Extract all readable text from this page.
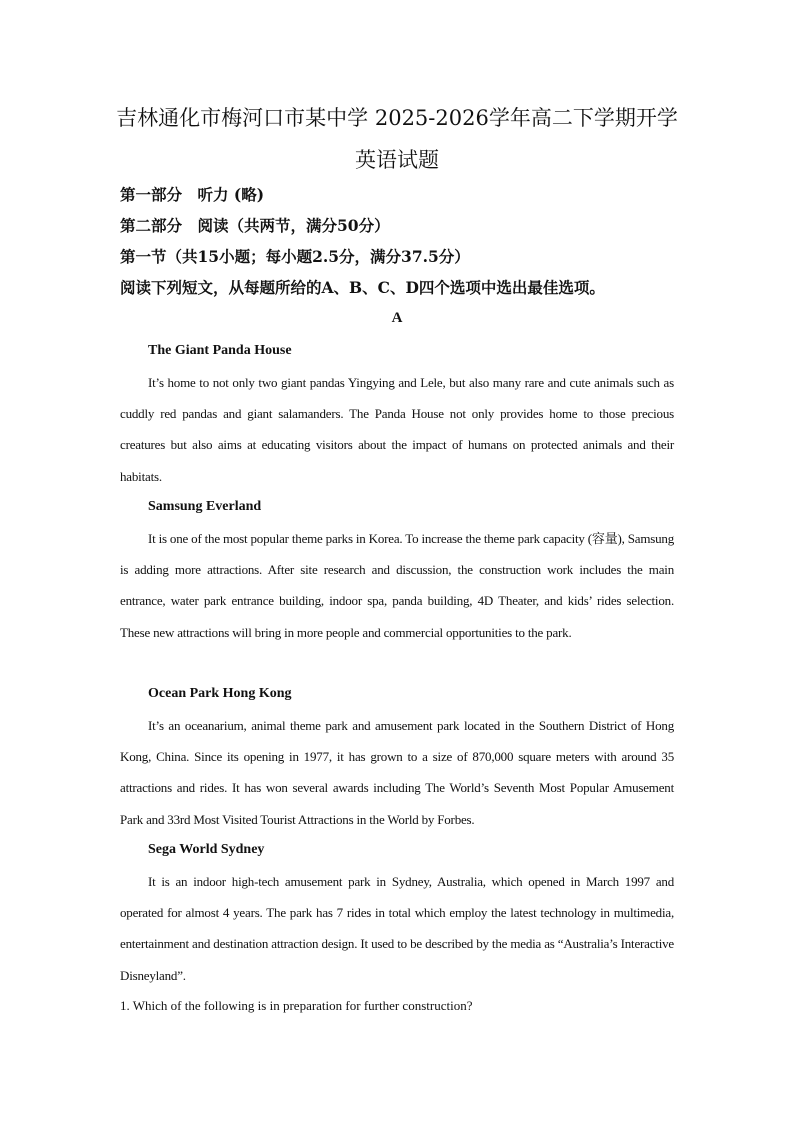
吉林通化市梅河口市某中学 2025-2026学年高二下学期开学
英语试题
第一部分　听力 (略)
第二部分　阅读（共两节，满分50分）
第一节（共15小题；每小题2.5分，满分37.5分）
阅读下列短文，从每题所给的A、B、C、D四个选项中选出最佳选项。
A
The Giant Panda House
It’s home to not only two giant pandas Yingying and Lele, but also many rare and cute animals such as cuddly red pandas and giant salamanders. The Panda House not only provides home to those precious creatures but also aims at educating visitors about the impact of humans on protected animals and their habitats.
Samsung Everland
It is one of the most popular theme parks in Korea. To increase the theme park capacity (容量), Samsung is adding more attractions. After site research and discussion, the construction work includes the main entrance, water park entrance building, indoor spa, panda building, 4D Theater, and kids’ rides selection. These new attractions will bring in more people and commercial opportunities to the park.
Ocean Park Hong Kong
It’s an oceanarium, animal theme park and amusement park located in the Southern District of Hong Kong, China. Since its opening in 1977, it has grown to a size of 870,000 square meters with around 35 attractions and rides. It has won several awards including The World’s Seventh Most Popular Amusement Park and 33rd Most Visited Tourist Attractions in the World by Forbes.
Sega World Sydney
It is an indoor high-tech amusement park in Sydney, Australia, which opened in March 1997 and operated for almost 4 years. The park has 7 rides in total which employ the latest technology in multimedia, entertainment and destination attraction design. It used to be described by the media as “Australia’s Interactive Disneyland”.
1. Which of the following is in preparation for further construction?
